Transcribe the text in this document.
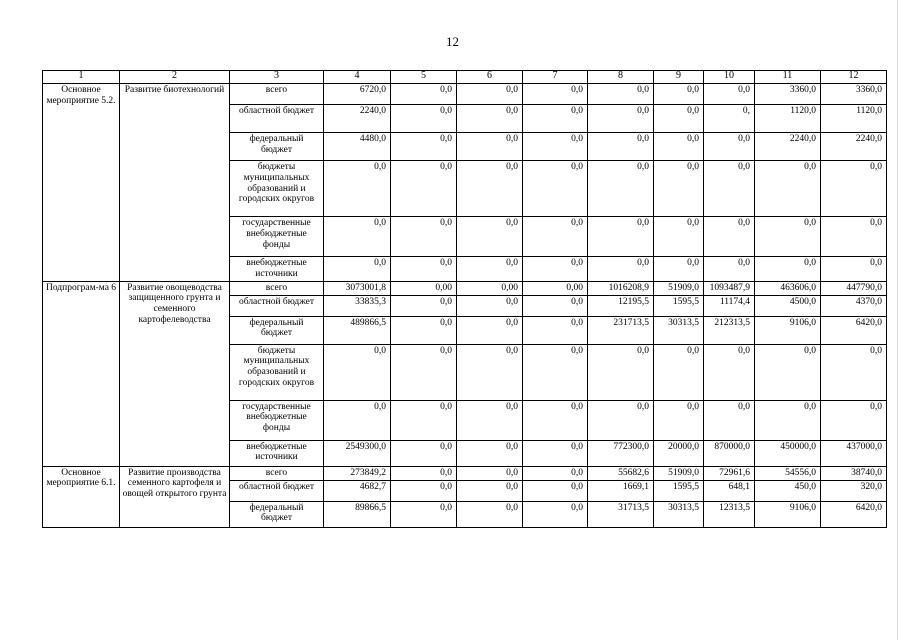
12
1	2	3	4	5	6	7	8	9	10	11	12
Основное мероприятие 5.2.	Развитие биотехнологий	всего	6720,0	0,0	0,0	0,0	0,0	0,0	0,0	3360,0	3360,0
		областной бюджет	2240,0	0,0	0,0	0,0	0,0	0,0	0,	1120,0	1120,0
		федеральный бюджет	4480,0	0,0	0,0	0,0	0,0	0,0	0,0	2240,0	2240,0
		бюджеты муниципальных образований и городских округов	0,0	0,0	0,0	0,0	0,0	0,0	0,0	0,0	0,0
		государственные внебюджетные фонды	0,0	0,0	0,0	0,0	0,0	0,0	0,0	0,0	0,0
		внебюджетные источники	0,0	0,0	0,0	0,0	0,0	0,0	0,0	0,0	0,0
Подпрограм-ма 6	Развитие овощеводства защищенного грунта и семенного картофелеводства	всего	3073001,8	0,00	0,00	0,00	1016208,9	51909,0	1093487,9	463606,0	447790,0
		областной бюджет	33835,3	0,0	0,0	0,0	12195,5	1595,5	11174,4	4500,0	4370,0
		федеральный бюджет	489866,5	0,0	0,0	0,0	231713,5	30313,5	212313,5	9106,0	6420,0
		бюджеты муниципальных образований и городских округов	0,0	0,0	0,0	0,0	0,0	0,0	0,0	0,0	0,0
		государственные внебюджетные фонды	0,0	0,0	0,0	0,0	0,0	0,0	0,0	0,0	0,0
		внебюджетные источники	2549300,0	0,0	0,0	0,0	772300,0	20000,0	870000,0	450000,0	437000,0
Основное мероприятие 6.1.	Развитие производства семенного картофеля и овощей открытого грунта	всего	273849,2	0,0	0,0	0,0	55682,6	51909,0	72961,6	54556,0	38740,0
		областной бюджет	4682,7	0,0	0,0	0,0	1669,1	1595,5	648,1	450,0	320,0
		федеральный бюджет	89866,5	0,0	0,0	0,0	31713,5	30313,5	12313,5	9106,0	6420,0
